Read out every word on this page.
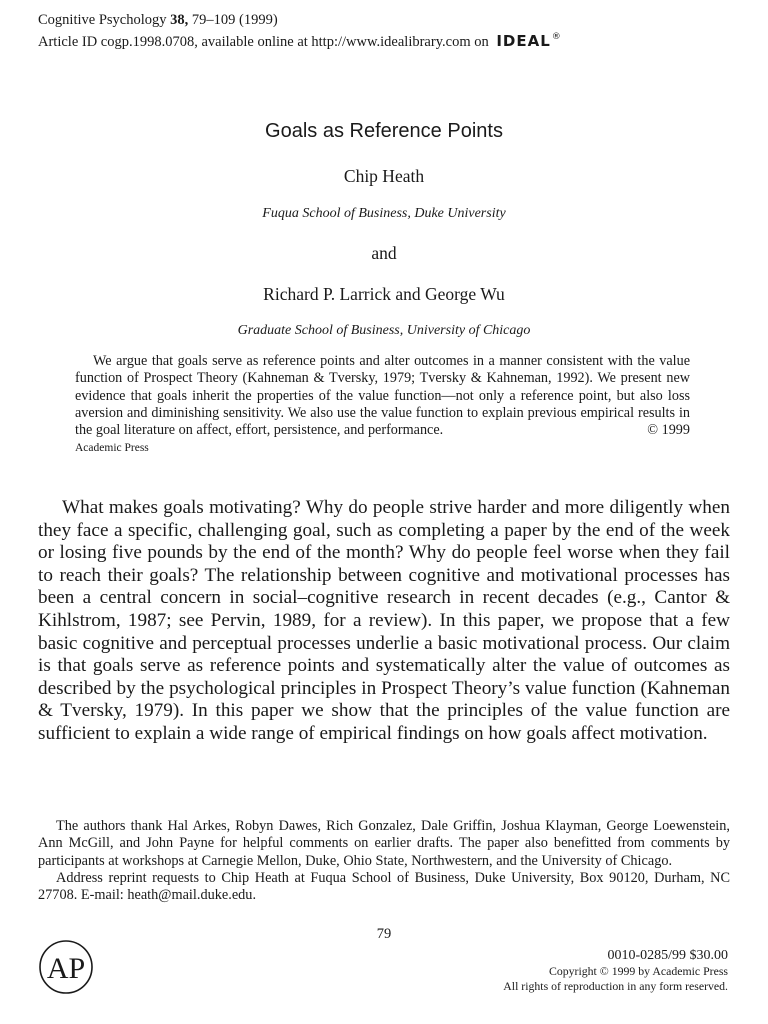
Cognitive Psychology 38, 79–109 (1999)
Article ID cogp.1998.0708, available online at http://www.idealibrary.com on IDEAL®
Goals as Reference Points
Chip Heath
Fuqua School of Business, Duke University
and
Richard P. Larrick and George Wu
Graduate School of Business, University of Chicago
We argue that goals serve as reference points and alter outcomes in a manner consistent with the value function of Prospect Theory (Kahneman & Tversky, 1979; Tversky & Kahneman, 1992). We present new evidence that goals inherit the properties of the value function—not only a reference point, but also loss aversion and diminishing sensitivity. We also use the value function to explain previous empirical results in the goal literature on affect, effort, persistence, and performance.	© 1999
Academic Press
What makes goals motivating? Why do people strive harder and more diligently when they face a specific, challenging goal, such as completing a paper by the end of the week or losing five pounds by the end of the month? Why do people feel worse when they fail to reach their goals? The relationship between cognitive and motivational processes has been a central concern in social–cognitive research in recent decades (e.g., Cantor & Kihlstrom, 1987; see Pervin, 1989, for a review). In this paper, we propose that a few basic cognitive and perceptual processes underlie a basic motivational process. Our claim is that goals serve as reference points and systematically alter the value of outcomes as described by the psychological principles in Prospect Theory’s value function (Kahneman & Tversky, 1979). In this paper we show that the principles of the value function are sufficient to explain a wide range of empirical findings on how goals affect motivation.

The authors thank Hal Arkes, Robyn Dawes, Rich Gonzalez, Dale Griffin, Joshua Klayman, George Loewenstein, Ann McGill, and John Payne for helpful comments on earlier drafts. The paper also benefitted from comments by participants at workshops at Carnegie Mellon, Duke, Ohio State, Northwestern, and the University of Chicago.

Address reprint requests to Chip Heath at Fuqua School of Business, Duke University, Box 90120, Durham, NC 27708. E-mail: heath@mail.duke.edu.

79
AP	0010-0285/99 $30.00
Copyright © 1999 by Academic Press
All rights of reproduction in any form reserved.
